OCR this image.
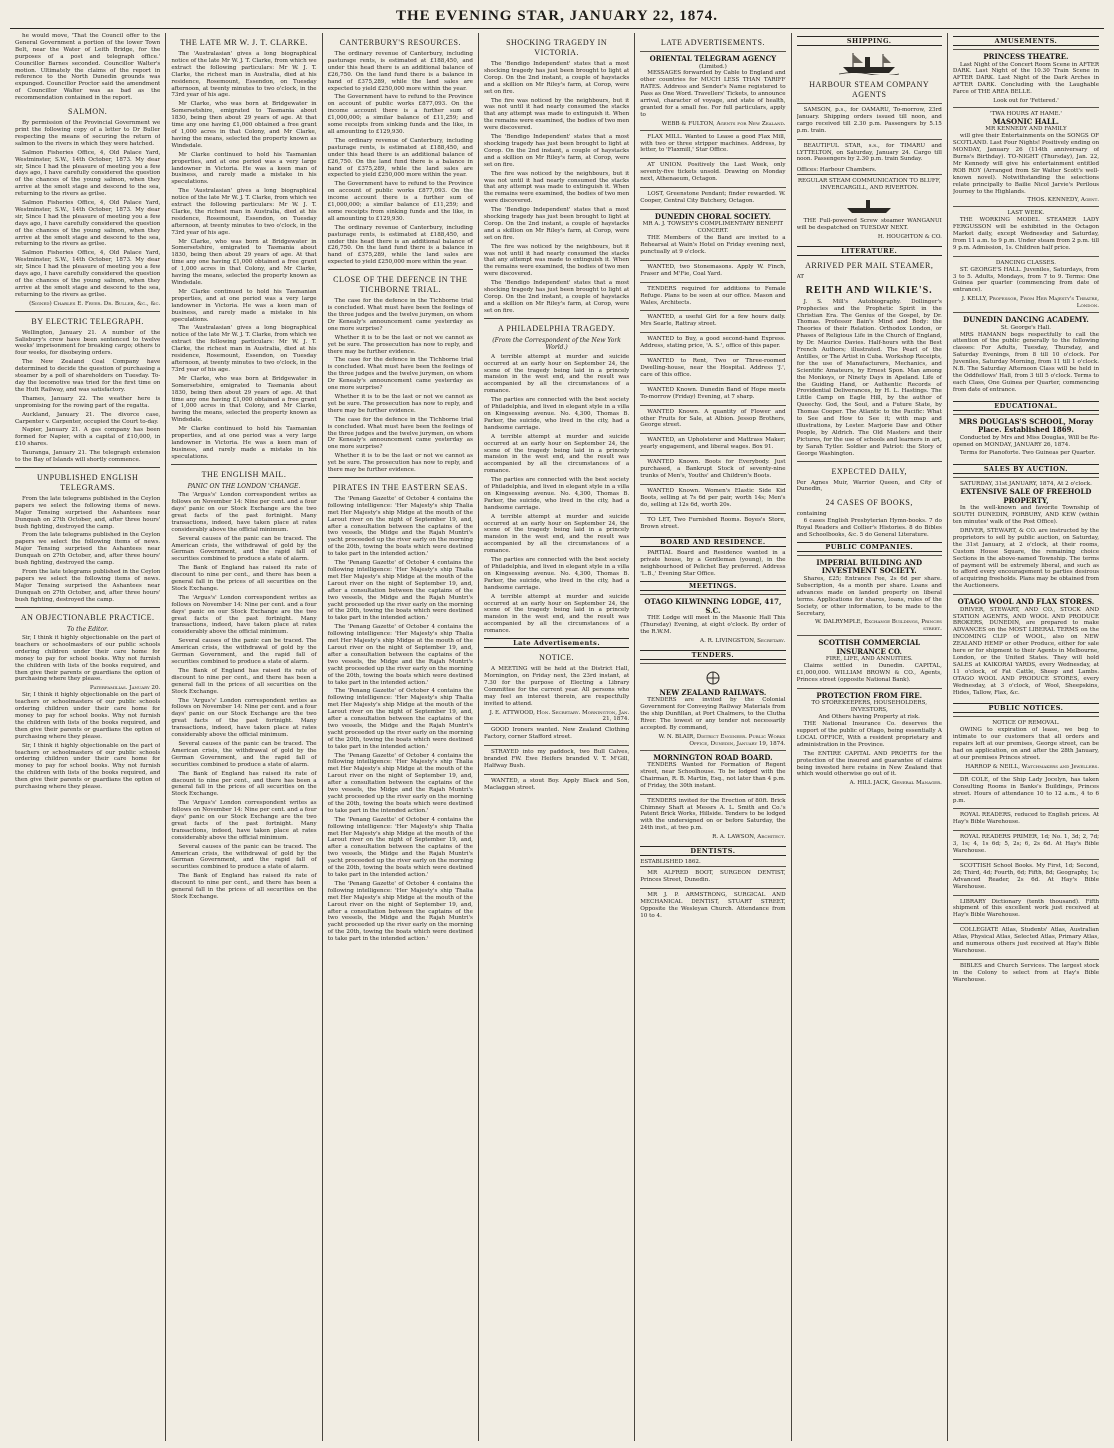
THE EVENING STAR, JANUARY 22, 1874.

he would move, 'That the Council offer to the General Government a portion of the lower Town Belt, near the Water of Leith Bridge, for the purposes of a post and telegraph office.' Councillor Barnes seconded. Councillor Walter's motion. Ultimately the claims of the report in reference to the North Dunedin grounds was expunged. Councillor Proctor said the amendment of Councillor Walter was as bad as the recommendation contained in the report.

SALMON.

By permission of the Provincial Government we print the following copy of a letter to Dr Buller respecting the means of securing the return of salmon to the rivers in which they were hatched.

Salmon Fisheries Office, 4, Old Palace Yard, Westminster, S.W., 14th October, 1873. My dear sir, Since I had the pleasure of meeting you a few days ago, I have carefully considered the question of the chances of the young salmon, when they arrive at the smolt stage and descend to the sea, returning to the rivers as grilse.

Salmon Fisheries Office, 4, Old Palace Yard, Westminster, S.W., 14th October, 1873. My dear sir, Since I had the pleasure of meeting you a few days ago, I have carefully considered the question of the chances of the young salmon, when they arrive at the smolt stage and descend to the sea, returning to the rivers as grilse.

Salmon Fisheries Office, 4, Old Palace Yard, Westminster, S.W., 14th October, 1873. My dear sir, Since I had the pleasure of meeting you a few days ago, I have carefully considered the question of the chances of the young salmon, when they arrive at the smolt stage and descend to the sea, returning to the rivers as grilse.

(Signed) Charles E. Fryer. Dr. Buller, &c., &c.
BY ELECTRIC TELEGRAPH.

Wellington, January 21. A number of the Salisbury's crew have been sentenced to twelve weeks' imprisonment for breaking cargo; others to four weeks, for disobeying orders.

The New Zealand Coal Company have determined to decide the question of purchasing a steamer by a poll of shareholders on Tuesday. To-day the locomotive was tried for the first time on the Hutt Railway, and was satisfactory.

Thames, January 22. The weather here is unpromising for the rowing part of the regatta.

Auckland, January 21. The divorce case, Carpenter v. Carpenter, occupied the Court to-day.

Napier, January 21. A gas company has been formed for Napier, with a capital of £10,000, in £10 shares.

Tauranga, January 21. The telegraph extension to the Bay of Islands will shortly commence.

UNPUBLISHED ENGLISH TELEGRAMS.

From the late telegrams published in the Ceylon papers we select the following items of news. Major Tensing surprised the Ashantees near Dunquah on 27th October, and, after three hours' bush fighting, destroyed the camp.

From the late telegrams published in the Ceylon papers we select the following items of news. Major Tensing surprised the Ashantees near Dunquah on 27th October, and, after three hours' bush fighting, destroyed the camp.

From the late telegrams published in the Ceylon papers we select the following items of news. Major Tensing surprised the Ashantees near Dunquah on 27th October, and, after three hours' bush fighting, destroyed the camp.

AN OBJECTIONABLE PRACTICE.
To the Editor.

Sir, I think it highly objectionable on the part of teachers or schoolmasters of our public schools ordering children under their care home for money to pay for school books. Why not furnish the children with lists of the books required, and then give their parents or guardians the option of purchasing where they please.

Paterfamilias. January 20.

Sir, I think it highly objectionable on the part of teachers or schoolmasters of our public schools ordering children under their care home for money to pay for school books. Why not furnish the children with lists of the books required, and then give their parents or guardians the option of purchasing where they please.

Sir, I think it highly objectionable on the part of teachers or schoolmasters of our public schools ordering children under their care home for money to pay for school books. Why not furnish the children with lists of the books required, and then give their parents or guardians the option of purchasing where they please.

THE LATE MR W. J. T. CLARKE.

The 'Australasian' gives a long biographical notice of the late Mr W. J. T. Clarke, from which we extract the following particulars: Mr W. J. T. Clarke, the richest man in Australia, died at his residence, Rosemount, Essendon, on Tuesday afternoon, at twenty minutes to two o'clock, in the 73rd year of his age.

Mr Clarke, who was born at Bridgewater in Somersetshire, emigrated to Tasmania about 1830, being then about 29 years of age. At that time any one having £1,000 obtained a free grant of 1,000 acres in that Colony, and Mr Clarke, having the means, selected the property known as Windsdale.

Mr Clarke continued to hold his Tasmanian properties, and at one period was a very large landowner in Victoria. He was a keen man of business, and rarely made a mistake in his speculations.

The 'Australasian' gives a long biographical notice of the late Mr W. J. T. Clarke, from which we extract the following particulars: Mr W. J. T. Clarke, the richest man in Australia, died at his residence, Rosemount, Essendon, on Tuesday afternoon, at twenty minutes to two o'clock, in the 73rd year of his age.

Mr Clarke, who was born at Bridgewater in Somersetshire, emigrated to Tasmania about 1830, being then about 29 years of age. At that time any one having £1,000 obtained a free grant of 1,000 acres in that Colony, and Mr Clarke, having the means, selected the property known as Windsdale.

Mr Clarke continued to hold his Tasmanian properties, and at one period was a very large landowner in Victoria. He was a keen man of business, and rarely made a mistake in his speculations.

The 'Australasian' gives a long biographical notice of the late Mr W. J. T. Clarke, from which we extract the following particulars: Mr W. J. T. Clarke, the richest man in Australia, died at his residence, Rosemount, Essendon, on Tuesday afternoon, at twenty minutes to two o'clock, in the 73rd year of his age.

Mr Clarke, who was born at Bridgewater in Somersetshire, emigrated to Tasmania about 1830, being then about 29 years of age. At that time any one having £1,000 obtained a free grant of 1,000 acres in that Colony, and Mr Clarke, having the means, selected the property known as Windsdale.

Mr Clarke continued to hold his Tasmanian properties, and at one period was a very large landowner in Victoria. He was a keen man of business, and rarely made a mistake in his speculations.

THE ENGLISH MAIL.
PANIC ON THE LONDON 'CHANGE.

The 'Argus's' London correspondent writes as follows on November 14: Nine per cent. and a four days' panic on our Stock Exchange are the two great facts of the past fortnight. Many transactions, indeed, have taken place at rates considerably above the official minimum.

Several causes of the panic can be traced. The American crisis, the withdrawal of gold by the German Government, and the rapid fall of securities combined to produce a state of alarm.

The Bank of England has raised its rate of discount to nine per cent., and there has been a general fall in the prices of all securities on the Stock Exchange.

The 'Argus's' London correspondent writes as follows on November 14: Nine per cent. and a four days' panic on our Stock Exchange are the two great facts of the past fortnight. Many transactions, indeed, have taken place at rates considerably above the official minimum.

Several causes of the panic can be traced. The American crisis, the withdrawal of gold by the German Government, and the rapid fall of securities combined to produce a state of alarm.

The Bank of England has raised its rate of discount to nine per cent., and there has been a general fall in the prices of all securities on the Stock Exchange.

The 'Argus's' London correspondent writes as follows on November 14: Nine per cent. and a four days' panic on our Stock Exchange are the two great facts of the past fortnight. Many transactions, indeed, have taken place at rates considerably above the official minimum.

Several causes of the panic can be traced. The American crisis, the withdrawal of gold by the German Government, and the rapid fall of securities combined to produce a state of alarm.

The Bank of England has raised its rate of discount to nine per cent., and there has been a general fall in the prices of all securities on the Stock Exchange.

The 'Argus's' London correspondent writes as follows on November 14: Nine per cent. and a four days' panic on our Stock Exchange are the two great facts of the past fortnight. Many transactions, indeed, have taken place at rates considerably above the official minimum.

Several causes of the panic can be traced. The American crisis, the withdrawal of gold by the German Government, and the rapid fall of securities combined to produce a state of alarm.

The Bank of England has raised its rate of discount to nine per cent., and there has been a general fall in the prices of all securities on the Stock Exchange.

CANTERBURY'S RESOURCES.

The ordinary revenue of Canterbury, including pasturage rents, is estimated at £188,450, and under this head there is an additional balance of £26,750. On the land fund there is a balance in hand of £375,289, while the land sales are expected to yield £250,000 more within the year.

The Government have to refund to the Province on account of public works £877,093. On the income account there is a further sum of £1,000,000; a similar balance of £11,259; and some receipts from sinking funds and the like, in all amounting to £129,930.

The ordinary revenue of Canterbury, including pasturage rents, is estimated at £188,450, and under this head there is an additional balance of £26,750. On the land fund there is a balance in hand of £375,289, while the land sales are expected to yield £250,000 more within the year.

The Government have to refund to the Province on account of public works £877,093. On the income account there is a further sum of £1,000,000; a similar balance of £11,259; and some receipts from sinking funds and the like, in all amounting to £129,930.

The ordinary revenue of Canterbury, including pasturage rents, is estimated at £188,450, and under this head there is an additional balance of £26,750. On the land fund there is a balance in hand of £375,289, while the land sales are expected to yield £250,000 more within the year.

CLOSE OF THE DEFENCE IN THE TICHBORNE TRIAL.

The case for the defence in the Tichborne trial is concluded. What must have been the feelings of the three judges and the twelve jurymen, on whom Dr Kenealy's announcement came yesterday as one more surprise?

Whether it is to be the last or not we cannot as yet be sure. The prosecution has now to reply, and there may be further evidence.

The case for the defence in the Tichborne trial is concluded. What must have been the feelings of the three judges and the twelve jurymen, on whom Dr Kenealy's announcement came yesterday as one more surprise?

Whether it is to be the last or not we cannot as yet be sure. The prosecution has now to reply, and there may be further evidence.

The case for the defence in the Tichborne trial is concluded. What must have been the feelings of the three judges and the twelve jurymen, on whom Dr Kenealy's announcement came yesterday as one more surprise?

Whether it is to be the last or not we cannot as yet be sure. The prosecution has now to reply, and there may be further evidence.

PIRATES IN THE EASTERN SEAS.

The 'Penang Gazette' of October 4 contains the following intelligence: 'Her Majesty's ship Thalia met Her Majesty's ship Midge at the mouth of the Larout river on the night of September 19, and, after a consultation between the captains of the two vessels, the Midge and the Rajah Muntri's yacht proceeded up the river early on the morning of the 20th, towing the boats which were destined to take part in the intended action.'

The 'Penang Gazette' of October 4 contains the following intelligence: 'Her Majesty's ship Thalia met Her Majesty's ship Midge at the mouth of the Larout river on the night of September 19, and, after a consultation between the captains of the two vessels, the Midge and the Rajah Muntri's yacht proceeded up the river early on the morning of the 20th, towing the boats which were destined to take part in the intended action.'

The 'Penang Gazette' of October 4 contains the following intelligence: 'Her Majesty's ship Thalia met Her Majesty's ship Midge at the mouth of the Larout river on the night of September 19, and, after a consultation between the captains of the two vessels, the Midge and the Rajah Muntri's yacht proceeded up the river early on the morning of the 20th, towing the boats which were destined to take part in the intended action.'

The 'Penang Gazette' of October 4 contains the following intelligence: 'Her Majesty's ship Thalia met Her Majesty's ship Midge at the mouth of the Larout river on the night of September 19, and, after a consultation between the captains of the two vessels, the Midge and the Rajah Muntri's yacht proceeded up the river early on the morning of the 20th, towing the boats which were destined to take part in the intended action.'

The 'Penang Gazette' of October 4 contains the following intelligence: 'Her Majesty's ship Thalia met Her Majesty's ship Midge at the mouth of the Larout river on the night of September 19, and, after a consultation between the captains of the two vessels, the Midge and the Rajah Muntri's yacht proceeded up the river early on the morning of the 20th, towing the boats which were destined to take part in the intended action.'

The 'Penang Gazette' of October 4 contains the following intelligence: 'Her Majesty's ship Thalia met Her Majesty's ship Midge at the mouth of the Larout river on the night of September 19, and, after a consultation between the captains of the two vessels, the Midge and the Rajah Muntri's yacht proceeded up the river early on the morning of the 20th, towing the boats which were destined to take part in the intended action.'

The 'Penang Gazette' of October 4 contains the following intelligence: 'Her Majesty's ship Thalia met Her Majesty's ship Midge at the mouth of the Larout river on the night of September 19, and, after a consultation between the captains of the two vessels, the Midge and the Rajah Muntri's yacht proceeded up the river early on the morning of the 20th, towing the boats which were destined to take part in the intended action.'

SHOCKING TRAGEDY IN VICTORIA.

The 'Bendigo Independent' states that a most shocking tragedy has just been brought to light at Corop. On the 2nd instant, a couple of haystacks and a skillion on Mr Riley's farm, at Corop, were set on fire.

The fire was noticed by the neighbours, but it was not until it had nearly consumed the stacks that any attempt was made to extinguish it. When the remains were examined, the bodies of two men were discovered.

The 'Bendigo Independent' states that a most shocking tragedy has just been brought to light at Corop. On the 2nd instant, a couple of haystacks and a skillion on Mr Riley's farm, at Corop, were set on fire.

The fire was noticed by the neighbours, but it was not until it had nearly consumed the stacks that any attempt was made to extinguish it. When the remains were examined, the bodies of two men were discovered.

The 'Bendigo Independent' states that a most shocking tragedy has just been brought to light at Corop. On the 2nd instant, a couple of haystacks and a skillion on Mr Riley's farm, at Corop, were set on fire.

The fire was noticed by the neighbours, but it was not until it had nearly consumed the stacks that any attempt was made to extinguish it. When the remains were examined, the bodies of two men were discovered.

The 'Bendigo Independent' states that a most shocking tragedy has just been brought to light at Corop. On the 2nd instant, a couple of haystacks and a skillion on Mr Riley's farm, at Corop, were set on fire.

A PHILADELPHIA TRAGEDY.
(From the Correspondent of the New York World.)

A terrible attempt at murder and suicide occurred at an early hour on September 24, the scene of the tragedy being laid in a princely mansion in the west end, and the result was accompanied by all the circumstances of a romance.

The parties are connected with the best society of Philadelphia, and lived in elegant style in a villa on Kingsessing avenue. No. 4,300, Thomas B. Parker, the suicide, who lived in the city, had a handsome carriage.

A terrible attempt at murder and suicide occurred at an early hour on September 24, the scene of the tragedy being laid in a princely mansion in the west end, and the result was accompanied by all the circumstances of a romance.

The parties are connected with the best society of Philadelphia, and lived in elegant style in a villa on Kingsessing avenue. No. 4,300, Thomas B. Parker, the suicide, who lived in the city, had a handsome carriage.

A terrible attempt at murder and suicide occurred at an early hour on September 24, the scene of the tragedy being laid in a princely mansion in the west end, and the result was accompanied by all the circumstances of a romance.

The parties are connected with the best society of Philadelphia, and lived in elegant style in a villa on Kingsessing avenue. No. 4,300, Thomas B. Parker, the suicide, who lived in the city, had a handsome carriage.

A terrible attempt at murder and suicide occurred at an early hour on September 24, the scene of the tragedy being laid in a princely mansion in the west end, and the result was accompanied by all the circumstances of a romance.

Late Advertisements.
NOTICE.

A MEETING will be held at the District Hall, Mornington, on Friday next, the 23rd instant, at 7.30 for the purpose of Electing a Library Committee for the current year. All persons who may feel an interest therein, are respectfully invited to attend.

J. E. ATTWOOD, Hon. Secretary. Mornington, Jan. 21, 1874.

GOOD Ironers wanted. New Zealand Clothing Factory, corner Stafford street.

STRAYED into my paddock, two Bull Calves, branded FW. Ewe Heifers branded V. T. M'Gill, Halfway Bush.

WANTED, a stout Boy. Apply Black and Son, Maclaggan street.

LATE ADVERTISEMENTS.
ORIENTAL TELEGRAM AGENCY
(Limited.)

MESSAGES forwarded by Cable to England and other countries for MUCH LESS THAN TARIFF RATES. Address and Sender's Name registered to Pass as One Word. Travellers' Tickets, to announce arrival, character of voyage, and state of health, granted for a small fee. For full particulars, apply to

WEBB & FULTON, Agents for New Zealand.

FLAX MILL. Wanted to Lease a good Flax Mill, with two or three stripper machines. Address, by letter, to 'Flaxmill,' Star Office.

AT UNION. Positively the Last Week, only seventy-five tickets unsold. Drawing on Monday next, Athenaeum, Octagon.

LOST, Greenstone Pendant; finder rewarded. W. Cooper, Central City Butchery, Octagon.

DUNEDIN CHORAL SOCIETY.
MR A. J. TOWSEY'S COMPLIMENTARY BENEFIT CONCERT.

THE Members of the Band are invited to a Rehearsal at Wain's Hotel on Friday evening next, punctually at 9 o'clock.

WANTED, two Stonemasons. Apply W. Finch, Fraser and M'Fie, Coal Yard.

TENDERS required for additions to Female Refuge. Plans to be seen at our office. Mason and Wales, Architects.

WANTED, a useful Girl for a few hours daily. Mrs Searle, Rattray street.

WANTED to Buy, a good second-hand Express. Address, stating price, 'A. S.', office of this paper.

WANTED to Rent, Two or Three-roomed Dwelling-house, near the Hospital. Address 'J.', care of this office.

WANTED Known. Dunedin Band of Hope meets To-morrow (Friday) Evening, at 7 sharp.

WANTED Known. A quantity of Flower and other Fruits for Sale, at Albion. Jessop Brothers, George street.

WANTED, an Upholsterer and Mattrass Maker; yearly engagement, and liberal wages. Box 91.

WANTED Known. Boots for Everybody. Just purchased, a Bankrupt Stock of seventy-nine trunks of Men's, Youths' and Children's Boots.

WANTED Known. Women's Elastic Side Kid Boots, selling at 7s 6d per pair, worth 14s; Men's do, selling at 12s 6d, worth 20s.

TO LET, Two Furnished Rooms. Boyes's Store, Brown street.

BOARD AND RESIDENCE.

PARTIAL Board and Residence wanted in a private house, by a Gentleman (young), in the neighbourhood of Pelichet Bay preferred. Address 'L.B.,' Evening Star Office.

MEETINGS.
OTAGO KILWINNING LODGE, 417, S.C.

THE Lodge will meet in the Masonic Hall This (Thursday) Evening, at eight o'clock. By order of the R.W.M.

A. R. LIVINGSTON, Secretary.
TENDERS.
NEW ZEALAND RAILWAYS.

TENDERS are invited by the Colonial Government for Conveying Railway Materials from the ship Dunfillan, at Port Chalmers, to the Clutha River. The lowest or any tender not necessarily accepted. By command,

W. N. BLAIR, District Engineer. Public Works Office, Dunedin, January 19, 1874.
MORNINGTON ROAD BOARD.

TENDERS Wanted for Formation of Regent street, near Schoolhouse. To be lodged with the Chairman, R. B. Martin, Esq., not later than 4 p.m. of Friday, the 30th instant.

TENDERS invited for the Erection of 80ft. Brick Chimney Shaft at Messrs A. L. Smith and Co.'s Patent Brick Works, Hillside. Tenders to be lodged with the undersigned on or before Saturday, the 24th inst., at two p.m.

R. A. LAWSON, Architect.
DENTISTS.
ESTABLISHED 1862.

MR ALFRED BOOT, SURGEON DENTIST, Princes Street, Dunedin.

MR J. P. ARMSTRONG, SURGICAL AND MECHANICAL DENTIST, STUART STREET, Opposite the Wesleyan Church. Attendance from 10 to 4.

SHIPPING.
HARBOUR STEAM COMPANY AGENTS

SAMSON, p.s., for OAMARU, To-morrow, 23rd January. Shipping orders issued till noon, and cargo received till 2.30 p.m. Passengers by 5.15 p.m. train.

BEAUTIFUL STAR, s.s., for TIMARU and LYTTELTON, on Saturday, January 24. Cargo till noon. Passengers by 2.30 p.m. train Sunday.

Offices: Harbour Chambers.
REGULAR STEAM COMMUNICATION TO BLUFF, INVERCARGILL, AND RIVERTON.

THE Full-powered Screw steamer WANGANUI will be despatched on TUESDAY NEXT.

H. HOUGHTON & CO.
LITERATURE.
ARRIVED PER MAIL STEAMER,
AT
REITH AND WILKIE'S.

J. S. Mill's Autobiography. Dollinger's Prophecies and the Prophetic Spirit in the Christian Era. The Genius of the Gospel, by Dr. Thomas. Professor Bain's Mind and Body: the Theories of their Relation. Orthodox London, or Phases of Religious Life in the Church of England, by Dr. Maurice Davies. Half-hours with the Best French Authors; illustrated. The Pearl of the Antilles, or The Artist in Cuba. Workshop Receipts, for the use of Manufacturers, Mechanics, and Scientific Amateurs, by Ernest Spon. Man among the Monkeys, or Ninety Days in Apeland. Life of the Guiding Hand, or Authentic Records of Providential Deliverances, by H. L. Hastings. The Little Camp on Eagle Hill, by the author of Queechy. God, the Soul, and a Future State, by Thomas Cooper. The Atlantic to the Pacific: What to See and How to See it; with map and illustrations, by Lester. Marjorie Daw and Other People, by Aldrich. The Old Masters and their Pictures, for the use of schools and learners in art, by Sarah Tytler. Soldier and Patriot: the Story of George Washington.

EXPECTED DAILY,
Per Agnes Muir, Warrior Queen, and City of Dunedin,
24 CASES OF BOOKS,
containing

6 cases English Presbyterian Hymn-books. 7 do Royal Readers and Collier's Histories. 8 do Bibles and Schoolbooks, &c. 5 do General Literature.

PUBLIC COMPANIES.
IMPERIAL BUILDING AND INVESTMENT SOCIETY.

Shares, £25; Entrance Fee, 2s 6d per share. Subscription, 4s a month per share. Loans and advances made on landed property on liberal terms. Applications for shares, loans, rules of the Society, or other information, to be made to the Secretary,

W. DALRYMPLE, Exchange Buildings, Princes street.
SCOTTISH COMMERCIAL INSURANCE CO.
FIRE, LIFE, AND ANNUITIES.

Claims settled in Dunedin. CAPITAL, £1,000,000. WILLIAM BROWN & CO., Agents, Princes street (opposite National Bank).

PROTECTION FROM FIRE.
TO STOREKEEPERS, HOUSEHOLDERS, INVESTORS,
And Others having Property at risk.

THE National Insurance Co. deserves the support of the public of Otago, being essentially A LOCAL OFFICE, With a resident proprietary and administration in the Province.

The ENTIRE CAPITAL AND PROFITS for the protection of the insured and guarantee of claims being invested here retains in New Zealand that which would otherwise go out of it.

A. HILL JACK, General Manager.
AMUSEMENTS.
PRINCESS THEATRE.

Last Night of the Concert Room Scene in AFTER DARK. Last Night of the 10.30 Train Scene in AFTER DARK. Last Night of the Dark Arches in AFTER DARK. Concluding with the Laughable Farce of THE AREA BELLE.

Look out for 'Fettered.'
'TWA HOURS AT HAME.'
MASONIC HALL.
MR KENNEDY AND FAMILY

will give their Entertainments on the SONGS OF SCOTLAND. Last Four Nights! Positively ending on MONDAY, January 26 (114th anniversary of Burns's Birthday). TO-NIGHT (Thursday), Jan. 22, Mr Kennedy will give his entertainment entitled ROB ROY (Arranged from Sir Walter Scott's well-known novel). Notwithstanding the selections relate principally to Bailie Nicol Jarvie's Perilous Journey to the Highlands.

THOS. KENNEDY, Agent.
LAST WEEK.

THE WORKING MODEL STEAMER LADY FERGUSSON will be exhibited in the Octagon Market daily, except Wednesday and Saturday, from 11 a.m. to 9 p.m. Under steam from 2 p.m. till 9 p.m. Admission, 1s. Children half price.

DANCING CLASSES.

ST. GEORGE'S HALL. Juveniles, Saturdays, from 3 to 5. Adults, Mondays, from 7 to 9. Terms: One Guinea per quarter (commencing from date of entrance).

J. KELLY, Professor, From Her Majesty's Theatre, London.
DUNEDIN DANCING ACADEMY.
St. George's Hall.

MRS HAMANN begs respectfully to call the attention of the public generally to the following classes: For Adults, Tuesday, Thursday, and Saturday Evenings, from 8 till 10 o'clock. For Juveniles, Saturday Morning, from 11 till 1 o'clock. N.B. The Saturday Afternoon Class will be held in the Oddfellows' Hall, from 3 till 5 o'clock. Terms to each Class, One Guinea per Quarter, commencing from date of entrance.

EDUCATIONAL.
MRS DOUGLAS'S SCHOOL, Moray Place. Established 1869.

Conducted by Mrs and Miss Douglas, Will be Re-opened on MONDAY, JANUARY 26, 1874.

Terms for Pianoforte. Two Guineas per Quarter.

SALES BY AUCTION.
SATURDAY, 31st JANUARY, 1874, At 2 o'clock.
EXTENSIVE SALE OF FREEHOLD PROPERTY,

In the well-known and favorite Township of SOUTH DUNEDIN, FORBURY, AND KEW (within ten minutes' walk of the Post Office).

DRIVER, STEWART, & CO. are instructed by the proprietors to sell by public auction, on Saturday, the 31st January, at 2 o'clock, at their rooms, Custom House Square, the remaining choice Sections in the above-named Township. The terms of payment will be extremely liberal, and such as to afford every encouragement to parties desirous of acquiring freeholds. Plans may be obtained from the Auctioneers.

OTAGO WOOL AND FLAX STORES.

DRIVER, STEWART, AND CO., STOCK AND STATION AGENTS, AND WOOL AND PRODUCE BROKERS, DUNEDIN, are prepared to make ADVANCES on the MOST LIBERAL TERMS on the INCOMING CLIP of WOOL, also on NEW ZEALAND HEMP or other Produce, either for sale here or for shipment to their Agents in Melbourne, London, or the United States. They will hold SALES at KAIKORAI YARDS, every Wednesday, at 11 o'clock, of Fat Cattle, Sheep and Lambs. OTAGO WOOL AND PRODUCE STORES, every Wednesday, at 3 o'clock, of Wool, Sheepskins, Hides, Tallow, Flax, &c.

PUBLIC NOTICES.
NOTICE OF REMOVAL.

OWING to expiration of lease, we beg to intimate to our customers that all orders and repairs left at our premises, George street, can be had on application, on and after the 28th January, at our premises Princes street.

HARROP & NEILL, Watchmakers and Jewellers.

DR COLE, of the Ship Lady Jocelyn, has taken Consulting Rooms in Banks's Buildings, Princes street. Hours of attendance 10 to 12 a.m., 4 to 6 p.m.

ROYAL READERS, reduced to English prices. At Hay's Bible Warehouse.

ROYAL READERS PRIMER, 1d; No. 1, 3d; 2, 7d; 3, 1s; 4, 1s 6d; 5, 2s; 6, 2s 6d. At Hay's Bible Warehouse.

SCOTTISH School Books. My First, 1d; Second, 2d; Third, 4d; Fourth, 6d; Fifth, 8d; Geography, 1s; Advanced Reader, 2s 6d. At Hay's Bible Warehouse.

LIBRARY Dictionary (tenth thousand). Fifth shipment of this excellent work just received at Hay's Bible Warehouse.

COLLEGIATE Atlas, Students' Atlas, Australian Atlas, Physical Atlas, Selected Atlas, Primary Atlas, and numerous others just received at Hay's Bible Warehouse.

BIBLES and Church Services. The largest stock in the Colony to select from at Hay's Bible Warehouse.
